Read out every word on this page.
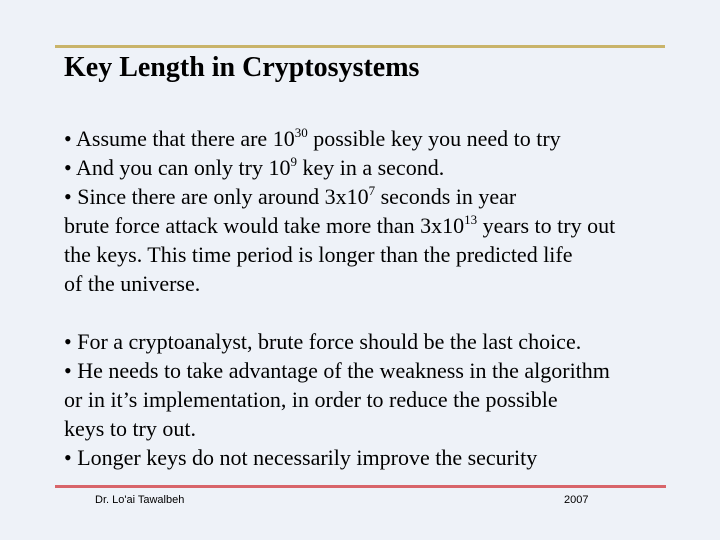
Key Length in Cryptosystems
• Assume that there are $10^{30}$ possible key you need to try
• And you can only try $10^9$ key in a second.
• Since there are only around $3x10^7$ seconds in year
brute force attack would take more than $3x10^{13}$ years to try out
the keys. This time period is longer than the predicted life
of the universe.
• For a cryptoanalyst, brute force should be the last choice.
• He needs to take advantage of the weakness in the algorithm
or in it’s implementation, in order to reduce the possible
keys to try out.
• Longer keys do not necessarily improve the security
Dr. Lo'ai Tawalbeh	2007
